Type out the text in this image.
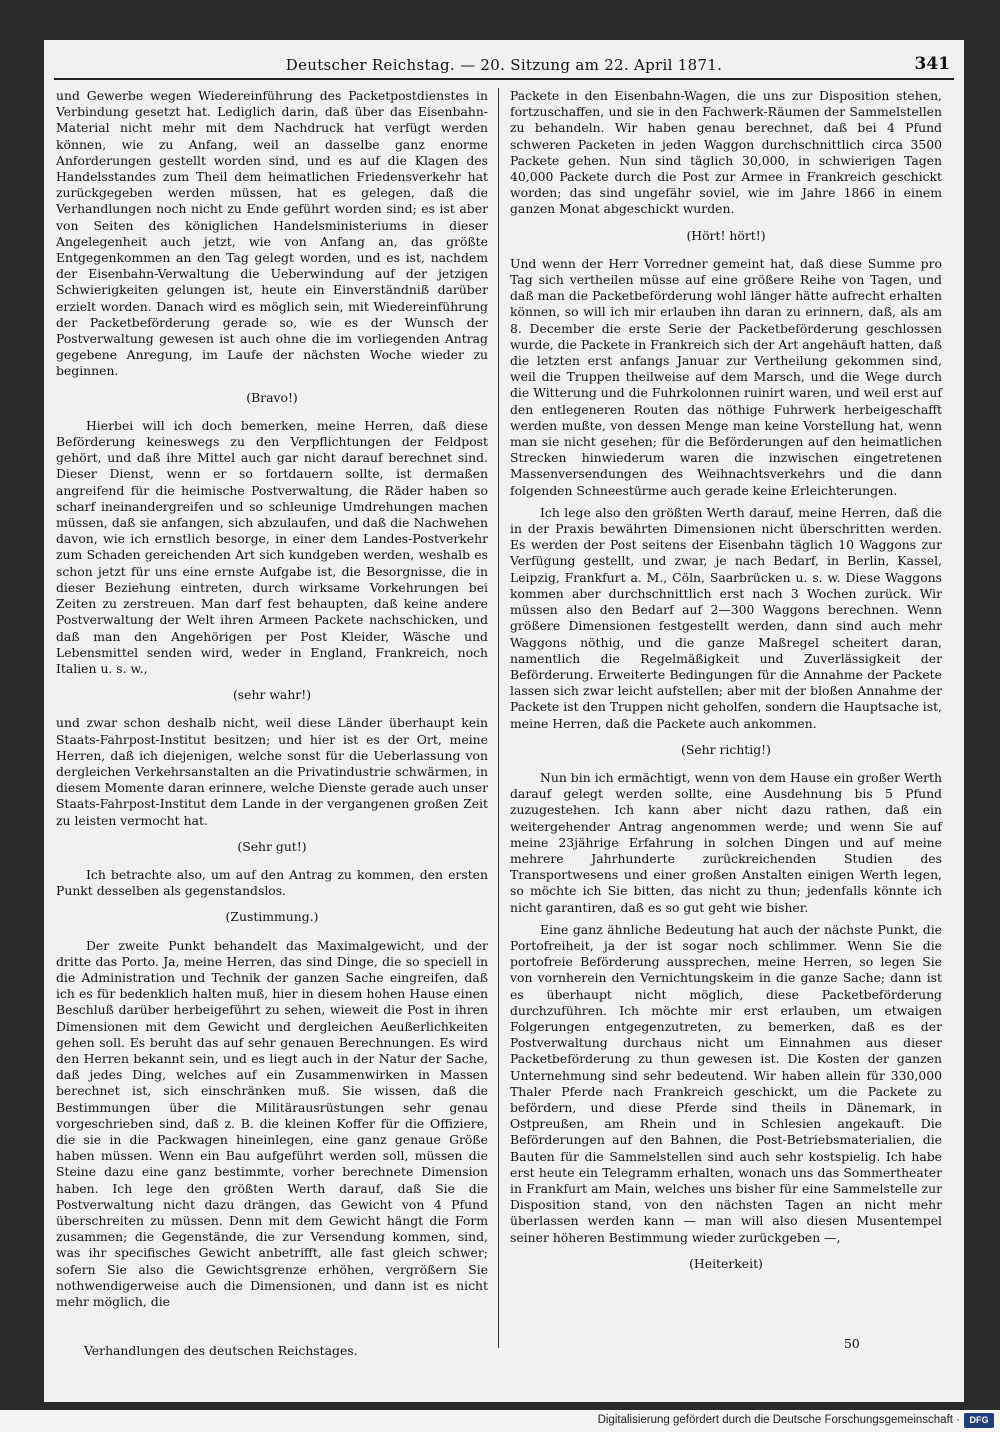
Deutscher Reichstag. — 20. Sitzung am 22. April 1871.	341

und Gewerbe wegen Wiedereinführung des Packetpostdienstes in Verbindung gesetzt hat. Lediglich darin, daß über das Eisenbahn-Material nicht mehr mit dem Nachdruck hat verfügt werden können, wie zu Anfang, weil an dasselbe ganz enorme Anforderungen gestellt worden sind, und es auf die Klagen des Handelsstandes zum Theil dem heimatlichen Friedensverkehr hat zurückgegeben werden müssen, hat es gelegen, daß die Verhandlungen noch nicht zu Ende geführt worden sind; es ist aber von Seiten des königlichen Handelsministeriums in dieser Angelegenheit auch jetzt, wie von Anfang an, das größte Entgegenkommen an den Tag gelegt worden, und es ist, nachdem der Eisenbahn-Verwaltung die Ueberwindung auf der jetzigen Schwierigkeiten gelungen ist, heute ein Einverständniß darüber erzielt worden. Danach wird es möglich sein, mit Wiedereinführung der Packetbeförderung gerade so, wie es der Wunsch der Postverwaltung gewesen ist auch ohne die im vorliegenden Antrag gegebene Anregung, im Laufe der nächsten Woche wieder zu beginnen.

(Bravo!)

Hierbei will ich doch bemerken, meine Herren, daß diese Beförderung keineswegs zu den Verpflichtungen der Feldpost gehört, und daß ihre Mittel auch gar nicht darauf berechnet sind. Dieser Dienst, wenn er so fortdauern sollte, ist dermaßen angreifend für die heimische Postverwaltung, die Räder haben so scharf ineinandergreifen und so schleunige Umdrehungen machen müssen, daß sie anfangen, sich abzulaufen, und daß die Nachwehen davon, wie ich ernstlich besorge, in einer dem Landes-Postverkehr zum Schaden gereichenden Art sich kundgeben werden, weshalb es schon jetzt für uns eine ernste Aufgabe ist, die Besorgnisse, die in dieser Beziehung eintreten, durch wirksame Vorkehrungen bei Zeiten zu zerstreuen. Man darf fest behaupten, daß keine andere Postverwaltung der Welt ihren Armeen Packete nachschicken, und daß man den Angehörigen per Post Kleider, Wäsche und Lebensmittel senden wird, weder in England, Frankreich, noch Italien u. s. w.,

(sehr wahr!)

und zwar schon deshalb nicht, weil diese Länder überhaupt kein Staats-Fahrpost-Institut besitzen; und hier ist es der Ort, meine Herren, daß ich diejenigen, welche sonst für die Ueberlassung von dergleichen Verkehrsanstalten an die Privatindustrie schwärmen, in diesem Momente daran erinnere, welche Dienste gerade auch unser Staats-Fahrpost-Institut dem Lande in der vergangenen großen Zeit zu leisten vermocht hat.

(Sehr gut!)

Ich betrachte also, um auf den Antrag zu kommen, den ersten Punkt desselben als gegenstandslos.

(Zustimmung.)

Der zweite Punkt behandelt das Maximalgewicht, und der dritte das Porto. Ja, meine Herren, das sind Dinge, die so speciell in die Administration und Technik der ganzen Sache eingreifen, daß ich es für bedenklich halten muß, hier in diesem hohen Hause einen Beschluß darüber herbeigeführt zu sehen, wieweit die Post in ihren Dimensionen mit dem Gewicht und dergleichen Aeußerlichkeiten gehen soll. Es beruht das auf sehr genauen Berechnungen. Es wird den Herren bekannt sein, und es liegt auch in der Natur der Sache, daß jedes Ding, welches auf ein Zusammenwirken in Massen berechnet ist, sich einschränken muß. Sie wissen, daß die Bestimmungen über die Militärausrüstungen sehr genau vorgeschrieben sind, daß z. B. die kleinen Koffer für die Offiziere, die sie in die Packwagen hineinlegen, eine ganz genaue Größe haben müssen. Wenn ein Bau aufgeführt werden soll, müssen die Steine dazu eine ganz bestimmte, vorher berechnete Dimension haben. Ich lege den größten Werth darauf, daß Sie die Postverwaltung nicht dazu drängen, das Gewicht von 4 Pfund überschreiten zu müssen. Denn mit dem Gewicht hängt die Form zusammen; die Gegenstände, die zur Versendung kommen, sind, was ihr specifisches Gewicht anbetrifft, alle fast gleich schwer; sofern Sie also die Gewichtsgrenze erhöhen, vergrößern Sie nothwendigerweise auch die Dimensionen, und dann ist es nicht mehr möglich, die

Packete in den Eisenbahn-Wagen, die uns zur Disposition stehen, fortzuschaffen, und sie in den Fachwerk-Räumen der Sammelstellen zu behandeln. Wir haben genau berechnet, daß bei 4 Pfund schweren Packeten in jeden Waggon durchschnittlich circa 3500 Packete gehen. Nun sind täglich 30,000, in schwierigen Tagen 40,000 Packete durch die Post zur Armee in Frankreich geschickt worden; das sind ungefähr soviel, wie im Jahre 1866 in einem ganzen Monat abgeschickt wurden.

(Hört! hört!)

Und wenn der Herr Vorredner gemeint hat, daß diese Summe pro Tag sich vertheilen müsse auf eine größere Reihe von Tagen, und daß man die Packetbeförderung wohl länger hätte aufrecht erhalten können, so will ich mir erlauben ihn daran zu erinnern, daß, als am 8. December die erste Serie der Packetbeförderung geschlossen wurde, die Packete in Frankreich sich der Art angehäuft hatten, daß die letzten erst anfangs Januar zur Vertheilung gekommen sind, weil die Truppen theilweise auf dem Marsch, und die Wege durch die Witterung und die Fuhrkolonnen ruinirt waren, und weil erst auf den entlegeneren Routen das nöthige Fuhrwerk herbeigeschafft werden mußte, von dessen Menge man keine Vorstellung hat, wenn man sie nicht gesehen; für die Beförderungen auf den heimatlichen Strecken hinwiederum waren die inzwischen eingetretenen Massenversendungen des Weihnachtsverkehrs und die dann folgenden Schneestürme auch gerade keine Erleichterungen.

Ich lege also den größten Werth darauf, meine Herren, daß die in der Praxis bewährten Dimensionen nicht überschritten werden. Es werden der Post seitens der Eisenbahn täglich 10 Waggons zur Verfügung gestellt, und zwar, je nach Bedarf, in Berlin, Kassel, Leipzig, Frankfurt a. M., Cöln, Saarbrücken u. s. w. Diese Waggons kommen aber durchschnittlich erst nach 3 Wochen zurück. Wir müssen also den Bedarf auf 2—300 Waggons berechnen. Wenn größere Dimensionen festgestellt werden, dann sind auch mehr Waggons nöthig, und die ganze Maßregel scheitert daran, namentlich die Regelmäßigkeit und Zuverlässigkeit der Beförderung. Erweiterte Bedingungen für die Annahme der Packete lassen sich zwar leicht aufstellen; aber mit der bloßen Annahme der Packete ist den Truppen nicht geholfen, sondern die Hauptsache ist, meine Herren, daß die Packete auch ankommen.

(Sehr richtig!)

Nun bin ich ermächtigt, wenn von dem Hause ein großer Werth darauf gelegt werden sollte, eine Ausdehnung bis 5 Pfund zuzugestehen. Ich kann aber nicht dazu rathen, daß ein weitergehender Antrag angenommen werde; und wenn Sie auf meine 23jährige Erfahrung in solchen Dingen und auf meine mehrere Jahrhunderte zurückreichenden Studien des Transportwesens und einer großen Anstalten einigen Werth legen, so möchte ich Sie bitten, das nicht zu thun; jedenfalls könnte ich nicht garantiren, daß es so gut geht wie bisher.

Eine ganz ähnliche Bedeutung hat auch der nächste Punkt, die Portofreiheit, ja der ist sogar noch schlimmer. Wenn Sie die portofreie Beförderung aussprechen, meine Herren, so legen Sie von vornherein den Vernichtungskeim in die ganze Sache; dann ist es überhaupt nicht möglich, diese Packetbeförderung durchzuführen. Ich möchte mir erst erlauben, um etwaigen Folgerungen entgegenzutreten, zu bemerken, daß es der Postverwaltung durchaus nicht um Einnahmen aus dieser Packetbeförderung zu thun gewesen ist. Die Kosten der ganzen Unternehmung sind sehr bedeutend. Wir haben allein für 330,000 Thaler Pferde nach Frankreich geschickt, um die Packete zu befördern, und diese Pferde sind theils in Dänemark, in Ostpreußen, am Rhein und in Schlesien angekauft. Die Beförderungen auf den Bahnen, die Post-Betriebsmaterialien, die Bauten für die Sammelstellen sind auch sehr kostspielig. Ich habe erst heute ein Telegramm erhalten, wonach uns das Sommertheater in Frankfurt am Main, welches uns bisher für eine Sammelstelle zur Disposition stand, von den nächsten Tagen an nicht mehr überlassen werden kann — man will also diesen Musentempel seiner höheren Bestimmung wieder zurückgeben —,

(Heiterkeit)
Verhandlungen des deutschen Reichstages.	50
Digitalisierung gefördert durch die Deutsche Forschungsgemeinschaft ·	DFG
